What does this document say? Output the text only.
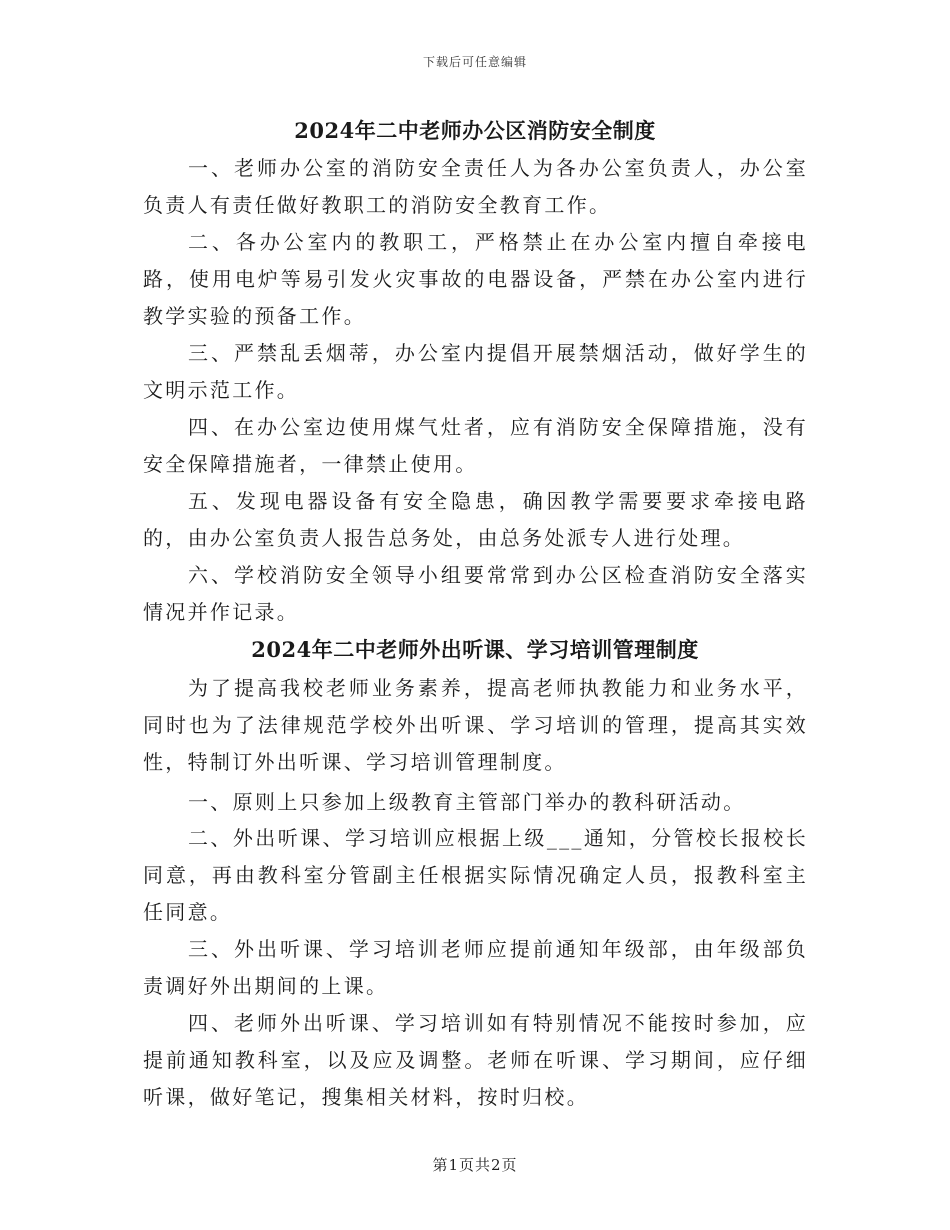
下载后可任意编辑
2024年二中老师办公区消防安全制度

一、老师办公室的消防安全责任人为各办公室负责人，办公室负责人有责任做好教职工的消防安全教育工作。

二、各办公室内的教职工，严格禁止在办公室内擅自牵接电路，使用电炉等易引发火灾事故的电器设备，严禁在办公室内进行教学实验的预备工作。

三、严禁乱丢烟蒂，办公室内提倡开展禁烟活动，做好学生的文明示范工作。

四、在办公室边使用煤气灶者，应有消防安全保障措施，没有安全保障措施者，一律禁止使用。

五、发现电器设备有安全隐患，确因教学需要要求牵接电路的，由办公室负责人报告总务处，由总务处派专人进行处理。

六、学校消防安全领导小组要常常到办公区检查消防安全落实情况并作记录。

2024年二中老师外出听课、学习培训管理制度

为了提高我校老师业务素养，提高老师执教能力和业务水平，同时也为了法律规范学校外出听课、学习培训的管理，提高其实效性，特制订外出听课、学习培训管理制度。

一、原则上只参加上级教育主管部门举办的教科研活动。

二、外出听课、学习培训应根据上级___通知，分管校长报校长同意，再由教科室分管副主任根据实际情况确定人员，报教科室主任同意。

三、外出听课、学习培训老师应提前通知年级部，由年级部负责调好外出期间的上课。

四、老师外出听课、学习培训如有特别情况不能按时参加，应提前通知教科室，以及应及调整。老师在听课、学习期间，应仔细听课，做好笔记，搜集相关材料，按时归校。

第1页共2页
